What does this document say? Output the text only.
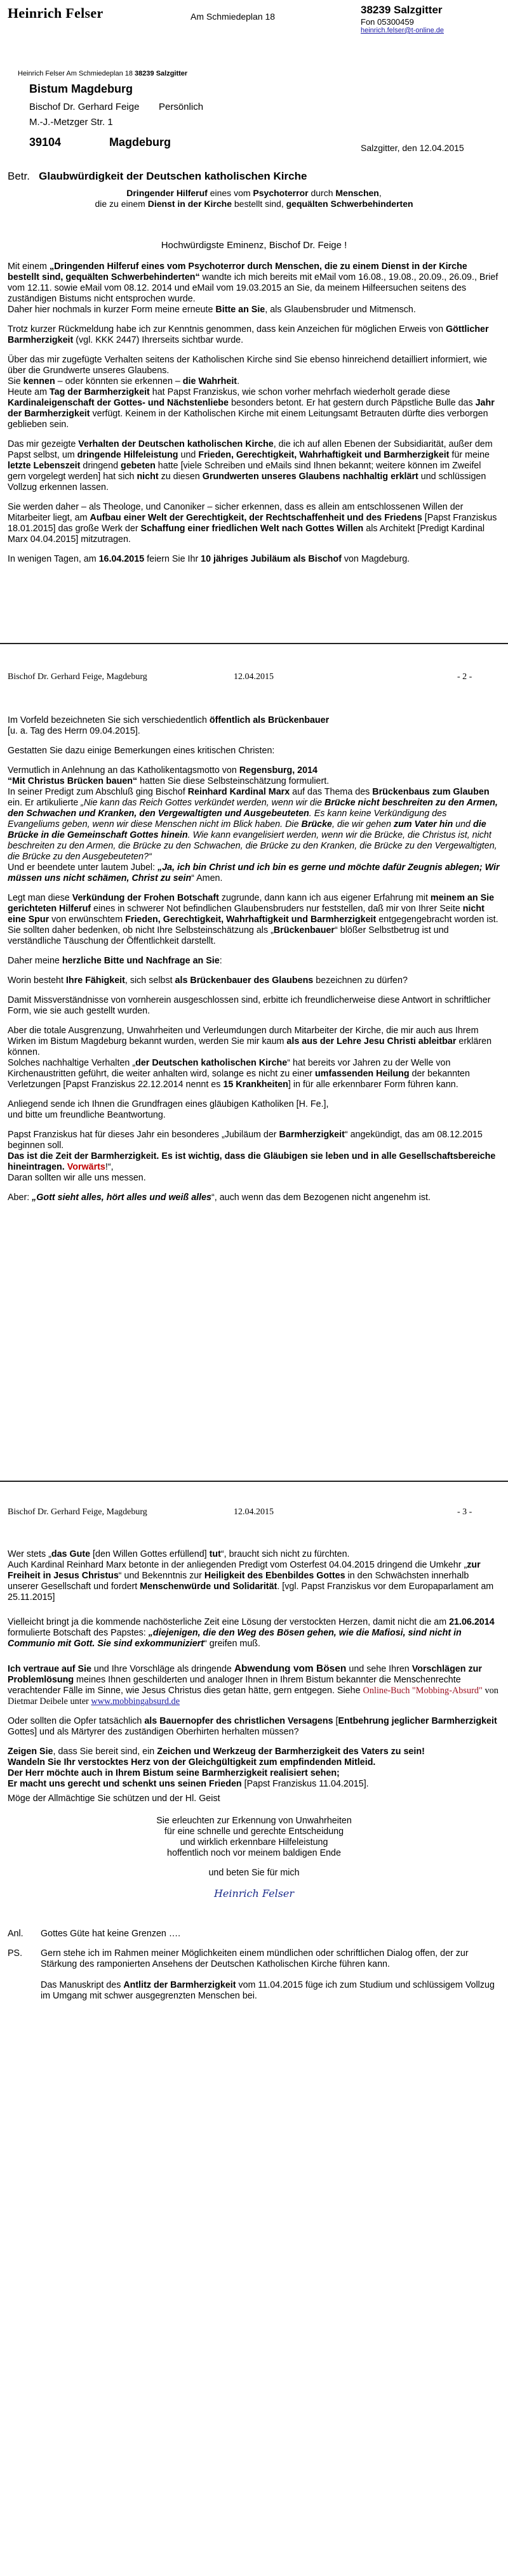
Heinrich Felser	Am Schmiedeplan 18
38239 Salzgitter
Fon 05300459
heinrich.felser@t-online.de
Heinrich Felser Am Schmiedeplan 18 38239 Salzgitter
Bistum Magdeburg
Bischof Dr. Gerhard Feige Persönlich
M.-J.-Metzger Str. 1
39104	Magdeburg	Salzgitter, den 12.04.2015
Betr. Glaubwürdigkeit der Deutschen katholischen Kirche
Dringender Hilferuf eines vom Psychoterror durch Menschen,
die zu einem Dienst in der Kirche bestellt sind, gequälten Schwerbehinderten
Hochwürdigste Eminenz, Bischof Dr. Feige !

Mit einem „Dringenden Hilferuf eines vom Psychoterror durch Menschen, die zu einem Dienst in der Kirche bestellt sind, gequälten Schwerbehinderten“ wandte ich mich bereits mit eMail vom 16.08., 19.08., 20.09., 26.09., Brief vom 12.11. sowie eMail vom 08.12. 2014 und eMail vom 19.03.2015 an Sie, da meinem Hilfeersuchen seitens des zuständigen Bistums nicht entsprochen wurde.
Daher hier nochmals in kurzer Form meine erneute Bitte an Sie, als Glaubensbruder und Mitmensch.

Trotz kurzer Rückmeldung habe ich zur Kenntnis genommen, dass kein Anzeichen für möglichen Erweis von Göttlicher Barmherzigkeit (vgl. KKK 2447) Ihrerseits sichtbar wurde.

Über das mir zugefügte Verhalten seitens der Katholischen Kirche sind Sie ebenso hinreichend detailliert informiert, wie über die Grundwerte unseres Glaubens.
Sie kennen – oder könnten sie erkennen – die Wahrheit.
Heute am Tag der Barmherzigkeit hat Papst Franziskus, wie schon vorher mehrfach wiederholt gerade diese Kardinaleigenschaft der Gottes- und Nächstenliebe besonders betont. Er hat gestern durch Päpstliche Bulle das Jahr der Barmherzigkeit verfügt. Keinem in der Katholischen Kirche mit einem Leitungsamt Betrauten dürfte dies verborgen geblieben sein.

Das mir gezeigte Verhalten der Deutschen katholischen Kirche, die ich auf allen Ebenen der Subsidiarität, außer dem Papst selbst, um dringende Hilfeleistung und Frieden, Gerechtigkeit, Wahrhaftigkeit und Barmherzigkeit für meine letzte Lebenszeit dringend gebeten hatte [viele Schreiben und eMails sind Ihnen bekannt; weitere können im Zweifel gern vorgelegt werden] hat sich nicht zu diesen Grundwerten unseres Glaubens nachhaltig erklärt und schlüssigen Vollzug erkennen lassen.

Sie werden daher – als Theologe, und Canoniker – sicher erkennen, dass es allein am entschlossenen Willen der Mitarbeiter liegt, am Aufbau einer Welt der Gerechtigkeit, der Rechtschaffenheit und des Friedens [Papst Franziskus 18.01.2015] das große Werk der Schaffung einer friedlichen Welt nach Gottes Willen als Architekt [Predigt Kardinal Marx 04.04.2015] mitzutragen.

In wenigen Tagen, am 16.04.2015 feiern Sie Ihr 10 jähriges Jubiläum als Bischof von Magdeburg.

Bischof Dr. Gerhard Feige, Magdeburg	12.04.2015	- 2 -

Im Vorfeld bezeichneten Sie sich verschiedentlich öffentlich als Brückenbauer
[u. a. Tag des Herrn 09.04.2015].

Gestatten Sie dazu einige Bemerkungen eines kritischen Christen:

Vermutlich in Anlehnung an das Katholikentagsmotto von Regensburg, 2014
“Mit Christus Brücken bauen“ hatten Sie diese Selbsteinschätzung formuliert.
In seiner Predigt zum Abschluß ging Bischof Reinhard Kardinal Marx auf das Thema des Brückenbaus zum Glauben ein. Er artikulierte „Nie kann das Reich Gottes verkündet werden, wenn wir die Brücke nicht beschreiten zu den Armen, den Schwachen und Kranken, den Vergewaltigten und Ausgebeuteten. Es kann keine Verkündigung des Evangeliums geben, wenn wir diese Menschen nicht im Blick haben. Die Brücke, die wir gehen zum Vater hin und die Brücke in die Gemeinschaft Gottes hinein. Wie kann evangelisiert werden, wenn wir die Brücke, die Christus ist, nicht beschreiten zu den Armen, die Brücke zu den Schwachen, die Brücke zu den Kranken, die Brücke zu den Vergewaltigten, die Brücke zu den Ausgebeuteten?“
Und er beendete unter lautem Jubel: „Ja, ich bin Christ und ich bin es gerne und möchte dafür Zeugnis ablegen; Wir müssen uns nicht schämen, Christ zu sein“ Amen.

Legt man diese Verkündung der Frohen Botschaft zugrunde, dann kann ich aus eigener Erfahrung mit meinem an Sie gerichteten Hilferuf eines in schwerer Not befindlichen Glaubensbruders nur feststellen, daß mir von Ihrer Seite nicht eine Spur von erwünschtem Frieden, Gerechtigkeit, Wahrhaftigkeit und Barmherzigkeit entgegengebracht worden ist. Sie sollten daher bedenken, ob nicht Ihre Selbsteinschätzung als „Brückenbauer“ blößer Selbstbetrug ist und verständliche Täuschung der Öffentlichkeit darstellt.

Daher meine herzliche Bitte und Nachfrage an Sie:

Worin besteht Ihre Fähigkeit, sich selbst als Brückenbauer des Glaubens bezeichnen zu dürfen?

Damit Missverständnisse von vornherein ausgeschlossen sind, erbitte ich freundlicherweise diese Antwort in schriftlicher Form, wie sie auch gestellt wurden.

Aber die totale Ausgrenzung, Unwahrheiten und Verleumdungen durch Mitarbeiter der Kirche, die mir auch aus Ihrem Wirken im Bistum Magdeburg bekannt wurden, werden Sie mir kaum als aus der Lehre Jesu Christi ableitbar erklären können.
Solches nachhaltige Verhalten „der Deutschen katholischen Kirche“ hat bereits vor Jahren zu der Welle von Kirchenaustritten geführt, die weiter anhalten wird, solange es nicht zu einer umfassenden Heilung der bekannten Verletzungen [Papst Franziskus 22.12.2014 nennt es 15 Krankheiten] in für alle erkennbarer Form führen kann.

Anliegend sende ich Ihnen die Grundfragen eines gläubigen Katholiken [H. Fe.],
und bitte um freundliche Beantwortung.

Papst Franziskus hat für dieses Jahr ein besonderes „Jubiläum der Barmherzigkeit“ angekündigt, das am 08.12.2015 beginnen soll.
Das ist die Zeit der Barmherzigkeit. Es ist wichtig, dass die Gläubigen sie leben und in alle Gesellschaftsbereiche hineintragen. Vorwärts!“,
Daran sollten wir alle uns messen.

Aber: „Gott sieht alles, hört alles und weiß alles“, auch wenn das dem Bezogenen nicht angenehm ist.

Bischof Dr. Gerhard Feige, Magdeburg	12.04.2015	- 3 -

Wer stets „das Gute [den Willen Gottes erfüllend] tut“, braucht sich nicht zu fürchten.
Auch Kardinal Reinhard Marx betonte in der anliegenden Predigt vom Osterfest 04.04.2015 dringend die Umkehr „zur Freiheit in Jesus Christus“ und Bekenntnis zur Heiligkeit des Ebenbildes Gottes in den Schwächsten innerhalb unserer Gesellschaft und fordert Menschenwürde und Solidarität. [vgl. Papst Franziskus vor dem Europaparlament am 25.11.2015]

Vielleicht bringt ja die kommende nachösterliche Zeit eine Lösung der verstockten Herzen, damit nicht die am 21.06.2014 formulierte Botschaft des Papstes: „diejenigen, die den Weg des Bösen gehen, wie die Mafiosi, sind nicht in Communio mit Gott. Sie sind exkommuniziert“ greifen muß.

Ich vertraue auf Sie und Ihre Vorschläge als dringende Abwendung vom Bösen und sehe Ihren Vorschlägen zur Problemlösung meines Ihnen geschilderten und analoger Ihnen in Ihrem Bistum bekannter die Menschenrechte verachtender Fälle im Sinne, wie Jesus Christus dies getan hätte, gern entgegen. Siehe Online-Buch "Mobbing-Absurd" von Dietmar Deibele unter www.mobbingabsurd.de

Oder sollten die Opfer tatsächlich als Bauernopfer des christlichen Versagens [Entbehrung jeglicher Barmherzigkeit Gottes] und als Märtyrer des zuständigen Oberhirten herhalten müssen?

Zeigen Sie, dass Sie bereit sind, ein Zeichen und Werkzeug der Barmherzigkeit des Vaters zu sein!
Wandeln Sie Ihr verstocktes Herz von der Gleichgültigkeit zum empfindenden Mitleid.
Der Herr möchte auch in Ihrem Bistum seine Barmherzigkeit realisiert sehen;
Er macht uns gerecht und schenkt uns seinen Frieden [Papst Franziskus 11.04.2015].

Möge der Allmächtige Sie schützen und der Hl. Geist

Sie erleuchten zur Erkennung von Unwahrheiten
für eine schnelle und gerechte Entscheidung
und wirklich erkennbare Hilfeleistung
hoffentlich noch vor meinem baldigen Ende
und beten Sie für mich
Heinrich Felser
Anl.	Gottes Güte hat keine Grenzen ….
PS.	Gern stehe ich im Rahmen meiner Möglichkeiten einem mündlichen oder schriftlichen Dialog offen, der zur Stärkung des ramponierten Ansehens der Deutschen Katholischen Kirche führen kann.
Das Manuskript des Antlitz der Barmherzigkeit vom 11.04.2015 füge ich zum Studium und schlüssigem Vollzug im Umgang mit schwer ausgegrenzten Menschen bei.
